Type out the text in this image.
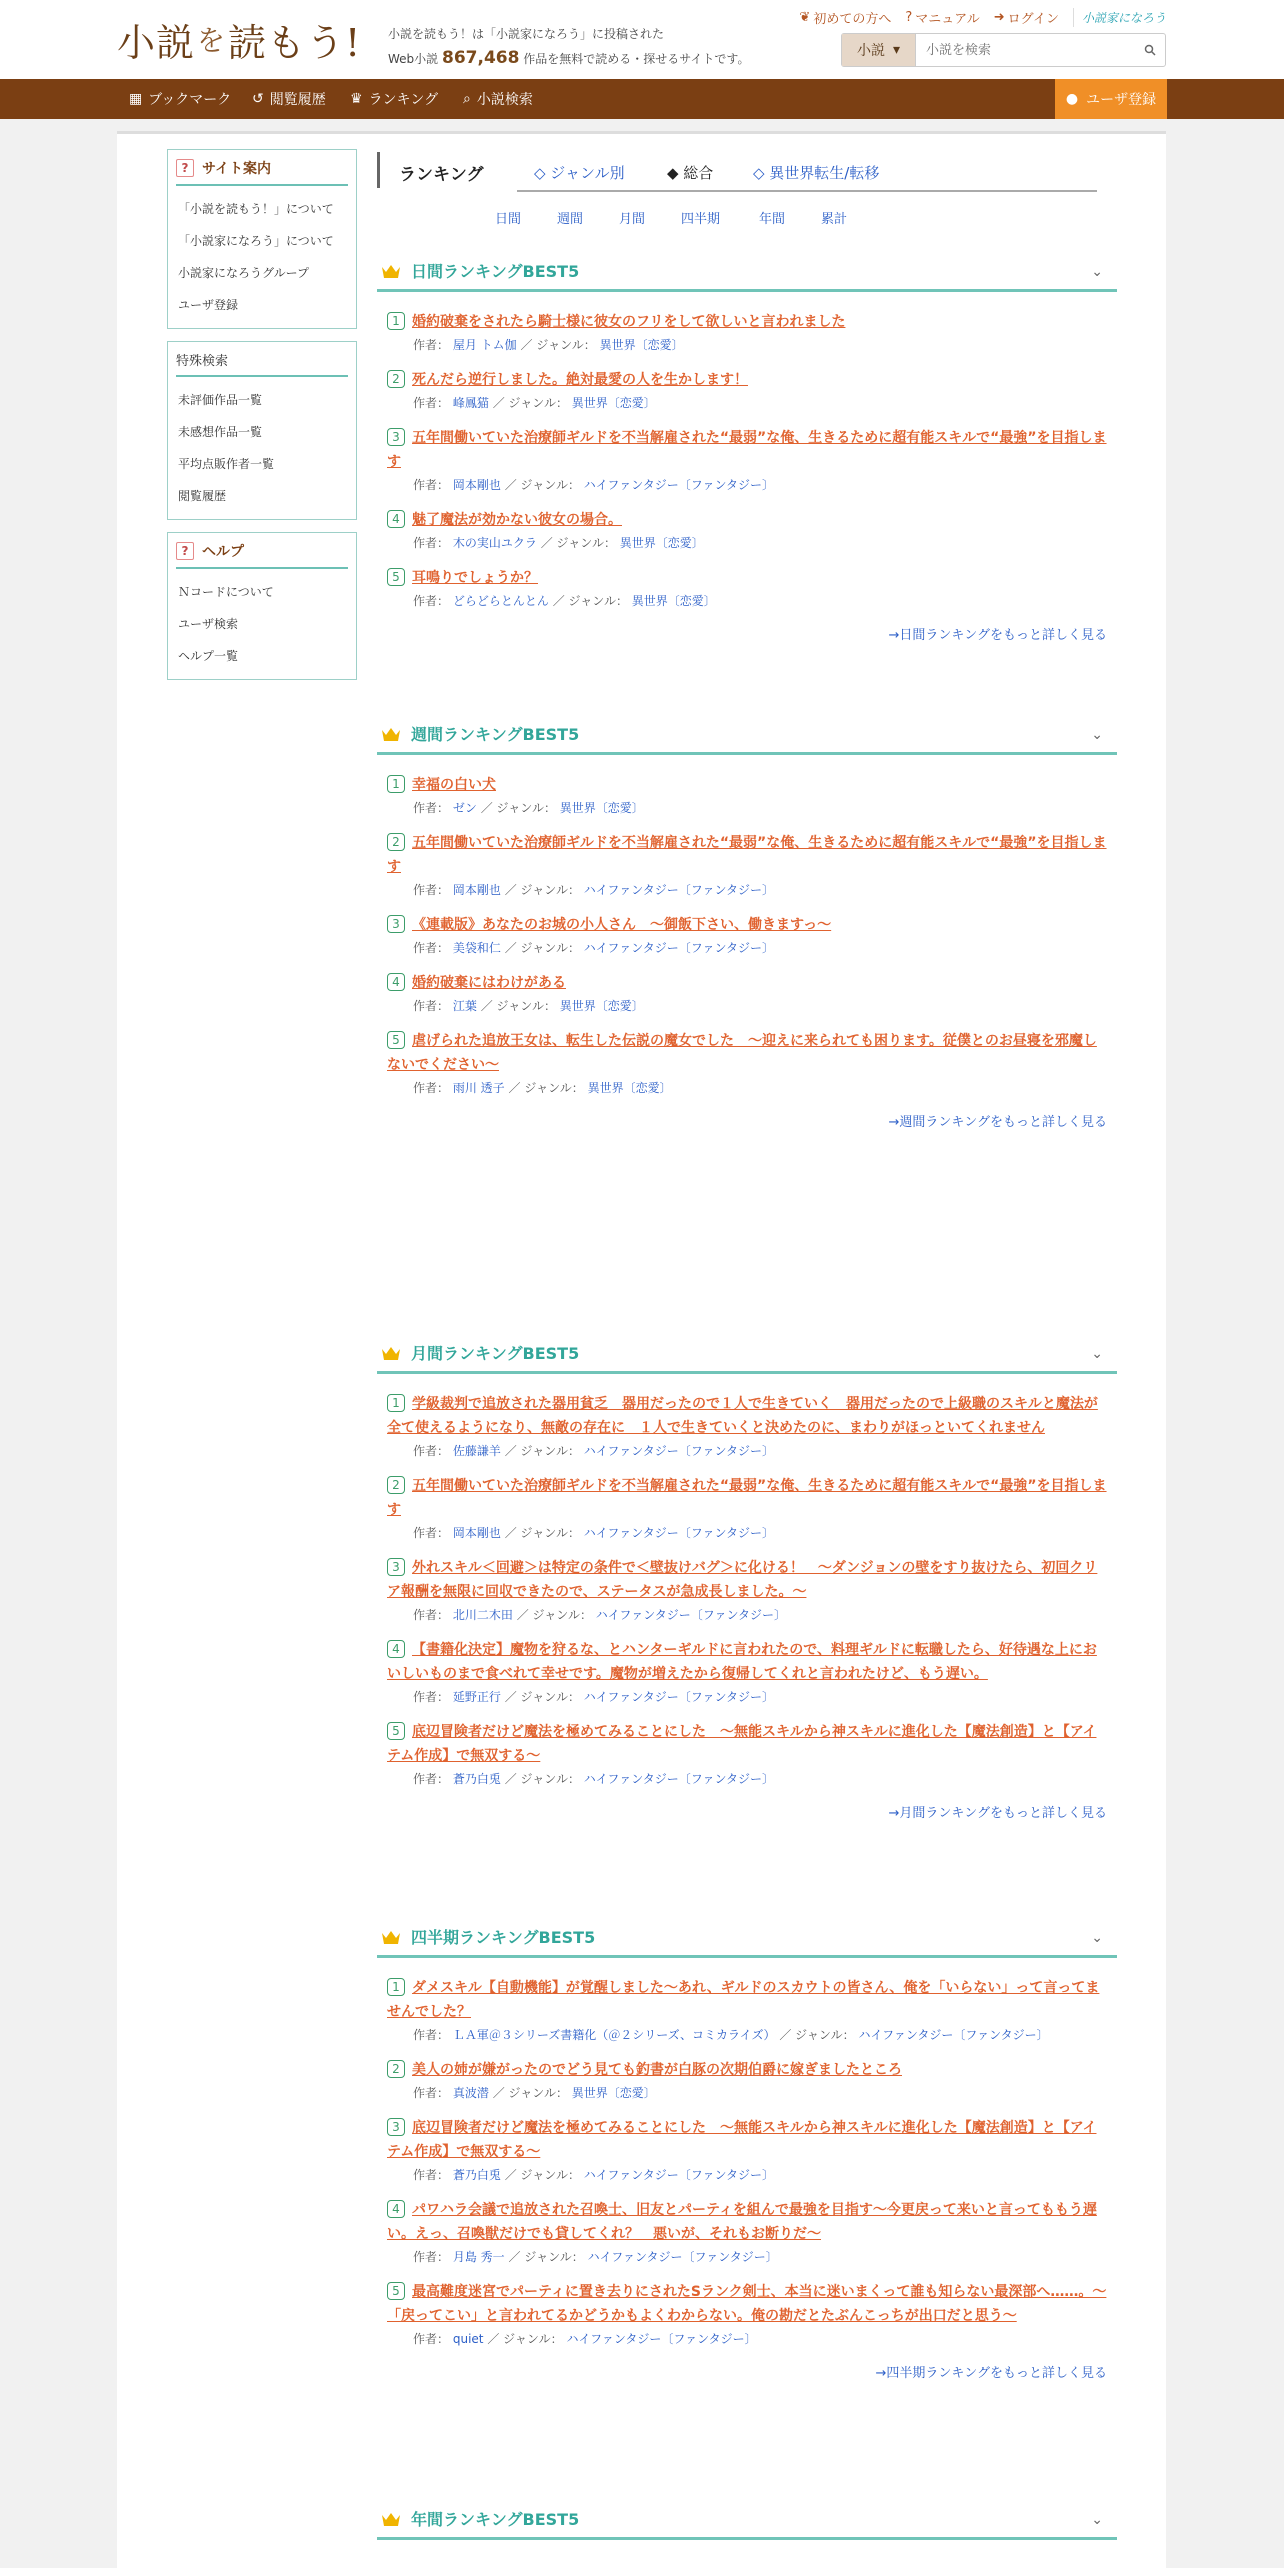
小説 を 読もう! 小説を読もう！は「小説家になろう」に投稿された
Web小説 867,468 作品を無料で読める・探せるサイトです。
❦ 初めての方へ ? マニュアル ➜ ログイン	小説家になろう
小説 ▾
小説を検索
▦ ブックマーク ↺ 閲覧履歴 ♛ ランキング ⌕ 小説検索	● ユーザ登録
? サイト案内
「小説を読もう！」について
「小説家になろう」について
小説家になろうグループ
ユーザ登録
特殊検索
未評価作品一覧
未感想作品一覧
平均点販作者一覧
閲覧履歴
? ヘルプ
Ｎコードについて
ユーザ検索
ヘルプ一覧
ランキング	◇ ジャンル別	◆ 総合	◇ 異世界転生/転移
日間	週間	月間	四半期	年間	累計
日間ランキングBEST5	⌄
1 婚約破棄をされたら騎士様に彼女のフリをして欲しいと言われました
作者： 屋月 トム伽 ／ ジャンル： 異世界〔恋愛〕
2 死んだら逆行しました。絶対最愛の人を生かします！
作者： 峰鳳猫 ／ ジャンル： 異世界〔恋愛〕
3 五年間働いていた治療師ギルドを不当解雇された“最弱”な俺、生きるために超有能スキルで“最強”を目指します
作者： 岡本剛也 ／ ジャンル： ハイファンタジー〔ファンタジー〕
4 魅了魔法が効かない彼女の場合。
作者： 木の実山ユクラ ／ ジャンル： 異世界〔恋愛〕
5 耳鳴りでしょうか？
作者： どらどらとんとん ／ ジャンル： 異世界〔恋愛〕
→日間ランキングをもっと詳しく見る
週間ランキングBEST5	⌄
1 幸福の白い犬
作者： ゼン ／ ジャンル： 異世界〔恋愛〕
2 五年間働いていた治療師ギルドを不当解雇された“最弱”な俺、生きるために超有能スキルで“最強”を目指します
作者： 岡本剛也 ／ ジャンル： ハイファンタジー〔ファンタジー〕
3 《連載版》あなたのお城の小人さん　～御飯下さい、働きますっ～
作者： 美袋和仁 ／ ジャンル： ハイファンタジー〔ファンタジー〕
4 婚約破棄にはわけがある
作者： 江葉 ／ ジャンル： 異世界〔恋愛〕
5 虐げられた追放王女は、転生した伝説の魔女でした　～迎えに来られても困ります。従僕とのお昼寝を邪魔しないでください～
作者： 雨川 透子 ／ ジャンル： 異世界〔恋愛〕
→週間ランキングをもっと詳しく見る
月間ランキングBEST5	⌄
1 学級裁判で追放された器用貧乏　器用だったので１人で生きていく　器用だったので上級職のスキルと魔法が全て使えるようになり、無敵の存在に　１人で生きていくと決めたのに、まわりがほっといてくれません
作者： 佐藤謙羊 ／ ジャンル： ハイファンタジー〔ファンタジー〕
2 五年間働いていた治療師ギルドを不当解雇された“最弱”な俺、生きるために超有能スキルで“最強”を目指します
作者： 岡本剛也 ／ ジャンル： ハイファンタジー〔ファンタジー〕
3 外れスキル＜回避＞は特定の条件で＜壁抜けバグ＞に化ける！　～ダンジョンの壁をすり抜けたら、初回クリア報酬を無限に回収できたので、ステータスが急成長しました。～
作者： 北川二木田 ／ ジャンル： ハイファンタジー〔ファンタジー〕
4 【書籍化決定】魔物を狩るな、とハンターギルドに言われたので、料理ギルドに転職したら、好待遇な上においしいものまで食べれて幸せです。魔物が増えたから復帰してくれと言われたけど、もう遅い。
作者： 延野正行 ／ ジャンル： ハイファンタジー〔ファンタジー〕
5 底辺冒険者だけど魔法を極めてみることにした　～無能スキルから神スキルに進化した【魔法創造】と【アイテム作成】で無双する～
作者： 蒼乃白兎 ／ ジャンル： ハイファンタジー〔ファンタジー〕
→月間ランキングをもっと詳しく見る
四半期ランキングBEST5	⌄
1 ダメスキル【自動機能】が覚醒しました～あれ、ギルドのスカウトの皆さん、俺を「いらない」って言ってませんでした？
作者： ＬＡ軍＠３シリーズ書籍化（＠２シリーズ、コミカライズ） ／ ジャンル： ハイファンタジー〔ファンタジー〕
2 美人の姉が嫌がったのでどう見ても釣書が白豚の次期伯爵に嫁ぎましたところ
作者： 真波潜 ／ ジャンル： 異世界〔恋愛〕
3 底辺冒険者だけど魔法を極めてみることにした　～無能スキルから神スキルに進化した【魔法創造】と【アイテム作成】で無双する～
作者： 蒼乃白兎 ／ ジャンル： ハイファンタジー〔ファンタジー〕
4 パワハラ会議で追放された召喚士、旧友とパーティを組んで最強を目指す～今更戻って来いと言ってももう遅い。えっ、召喚獣だけでも貸してくれ？　悪いが、それもお断りだ～
作者： 月島 秀一 ／ ジャンル： ハイファンタジー〔ファンタジー〕
5 最高難度迷宮でパーティに置き去りにされたSランク剣士、本当に迷いまくって誰も知らない最深部へ……。～「戻ってこい」と言われてるかどうかもよくわからない。俺の勘だとたぶんこっちが出口だと思う～
作者： quiet ／ ジャンル： ハイファンタジー〔ファンタジー〕
→四半期ランキングをもっと詳しく見る
年間ランキングBEST5	⌄
